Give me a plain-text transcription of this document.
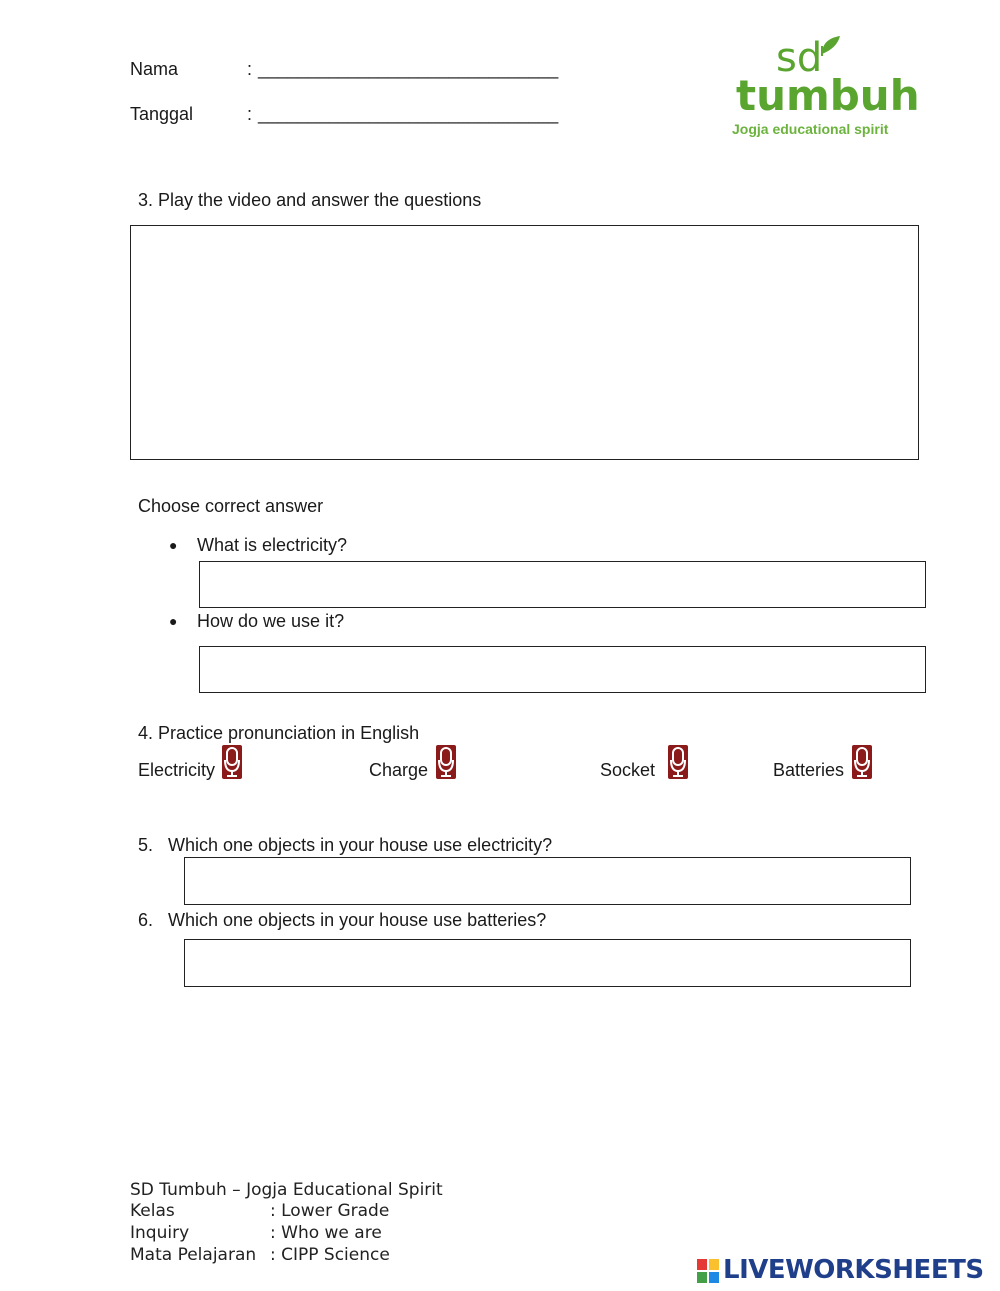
Nama	: ______________________________
Tanggal	: ______________________________
sd
tumbuh
Jogja educational spirit
3. Play the video and answer the questions
Choose correct answer
● What is electricity?
● How do we use it?
4. Practice pronunciation in English
Electricity	Charge	Socket	Batteries
5. Which one objects in your house use electricity?
6. Which one objects in your house use batteries?
SD Tumbuh – Jogja Educational Spirit
Kelas	: Lower Grade
Inquiry	: Who we are
Mata Pelajaran : CIPP Science	LIVEWORKSHEETS
